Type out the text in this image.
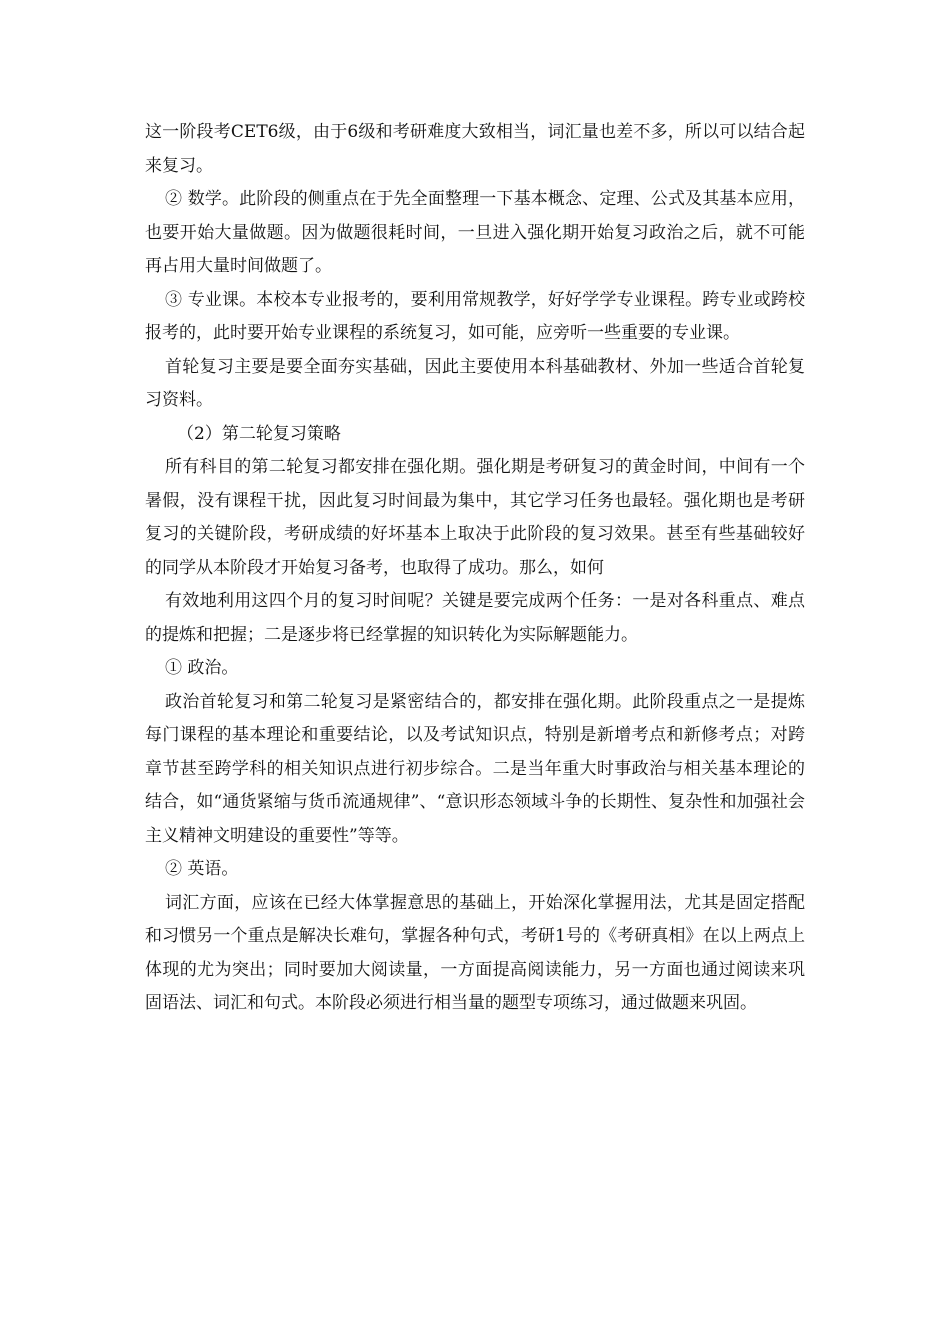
这一阶段考CET6级，由于6级和考研难度大致相当，词汇量也差不多，所以可以结合起来复习。

② 数学。此阶段的侧重点在于先全面整理一下基本概念、定理、公式及其基本应用，也要开始大量做题。因为做题很耗时间，一旦进入强化期开始复习政治之后，就不可能再占用大量时间做题了。

③ 专业课。本校本专业报考的，要利用常规教学，好好学学专业课程。跨专业或跨校报考的，此时要开始专业课程的系统复习，如可能，应旁听一些重要的专业课。

首轮复习主要是要全面夯实基础，因此主要使用本科基础教材、外加一些适合首轮复习资料。

（2）第二轮复习策略

所有科目的第二轮复习都安排在强化期。强化期是考研复习的黄金时间，中间有一个暑假，没有课程干扰，因此复习时间最为集中，其它学习任务也最轻。强化期也是考研复习的关键阶段，考研成绩的好坏基本上取决于此阶段的复习效果。甚至有些基础较好的同学从本阶段才开始复习备考，也取得了成功。那么，如何

有效地利用这四个月的复习时间呢？关键是要完成两个任务：一是对各科重点、难点的提炼和把握；二是逐步将已经掌握的知识转化为实际解题能力。

① 政治。

政治首轮复习和第二轮复习是紧密结合的，都安排在强化期。此阶段重点之一是提炼每门课程的基本理论和重要结论，以及考试知识点，特别是新增考点和新修考点；对跨章节甚至跨学科的相关知识点进行初步综合。二是当年重大时事政治与相关基本理论的结合，如“通货紧缩与货币流通规律”、“意识形态领域斗争的长期性、复杂性和加强社会主义精神文明建设的重要性”等等。

② 英语。

词汇方面，应该在已经大体掌握意思的基础上，开始深化掌握用法，尤其是固定搭配和习惯另一个重点是解决长难句，掌握各种句式，考研1号的《考研真相》在以上两点上体现的尤为突出；同时要加大阅读量，一方面提高阅读能力，另一方面也通过阅读来巩固语法、词汇和句式。本阶段必须进行相当量的题型专项练习，通过做题来巩固。
